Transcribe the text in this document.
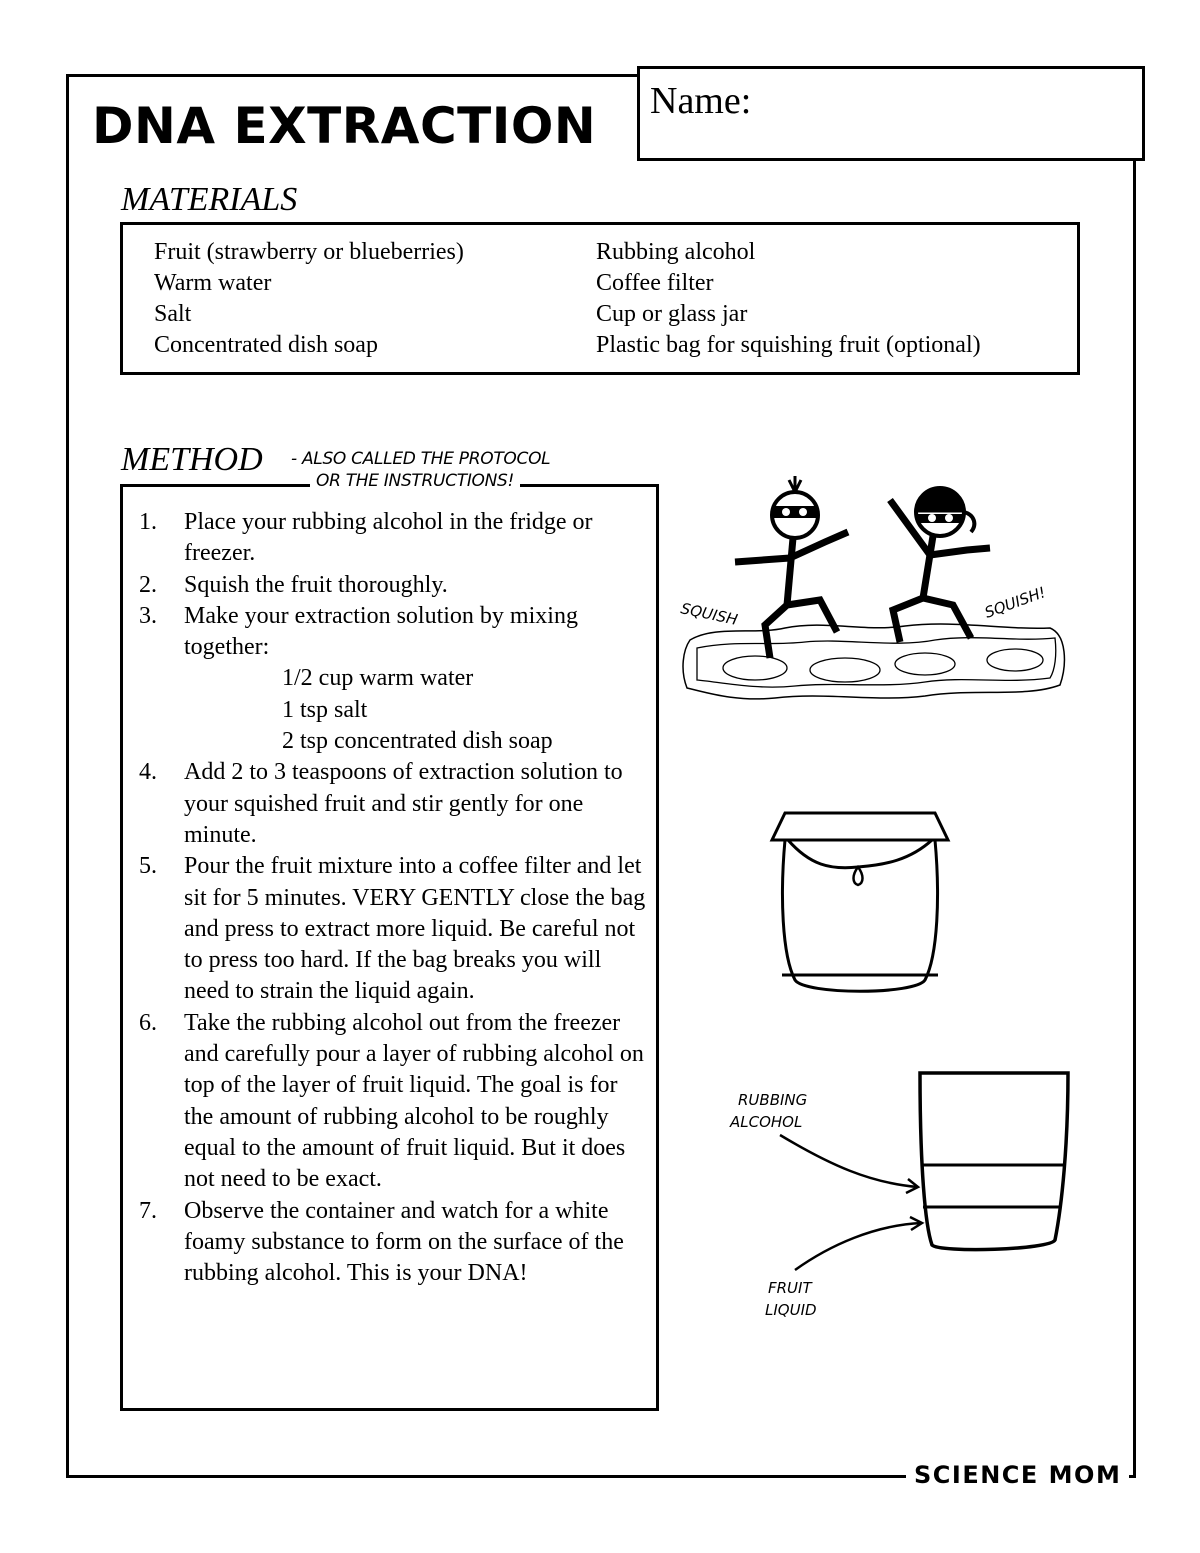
DNA EXTRACTION Name:
MATERIALS
Fruit (strawberry or blueberries)
Warm water
Salt
Concentrated dish soap
Rubbing alcohol
Coffee filter
Cup or glass jar
Plastic bag for squishing fruit (optional)
METHOD
1. Place your rubbing alcohol in the fridge or freezer.
2. Squish the fruit thoroughly.
3. Make your extraction solution by mixing together:
1/2 cup warm water
1 tsp salt
2 tsp concentrated dish soap
4. Add 2 to 3 teaspoons of extraction solution to your squished fruit and stir gently for one minute.
5. Pour the fruit mixture into a coffee filter and let sit for 5 minutes. VERY GENTLY close the bag and press to extract more liquid. Be careful not to press too hard. If the bag breaks you will need to strain the liquid again.
6. Take the rubbing alcohol out from the freezer and carefully pour a layer of rubbing alcohol on top of the layer of fruit liquid. The goal is for the amount of rubbing alcohol to be roughly equal to the amount of fruit liquid. But it does not need to be exact.
7. Observe the container and watch for a white foamy substance to form on the surface of the rubbing alcohol. This is your DNA!
- ALSO CALLED THE PROTOCOL
OR THE INSTRUCTIONS!
SQUISH	SQUISH!
RUBBING
ALCOHOL
FRUIT
LIQUID
SCIENCE MOM
